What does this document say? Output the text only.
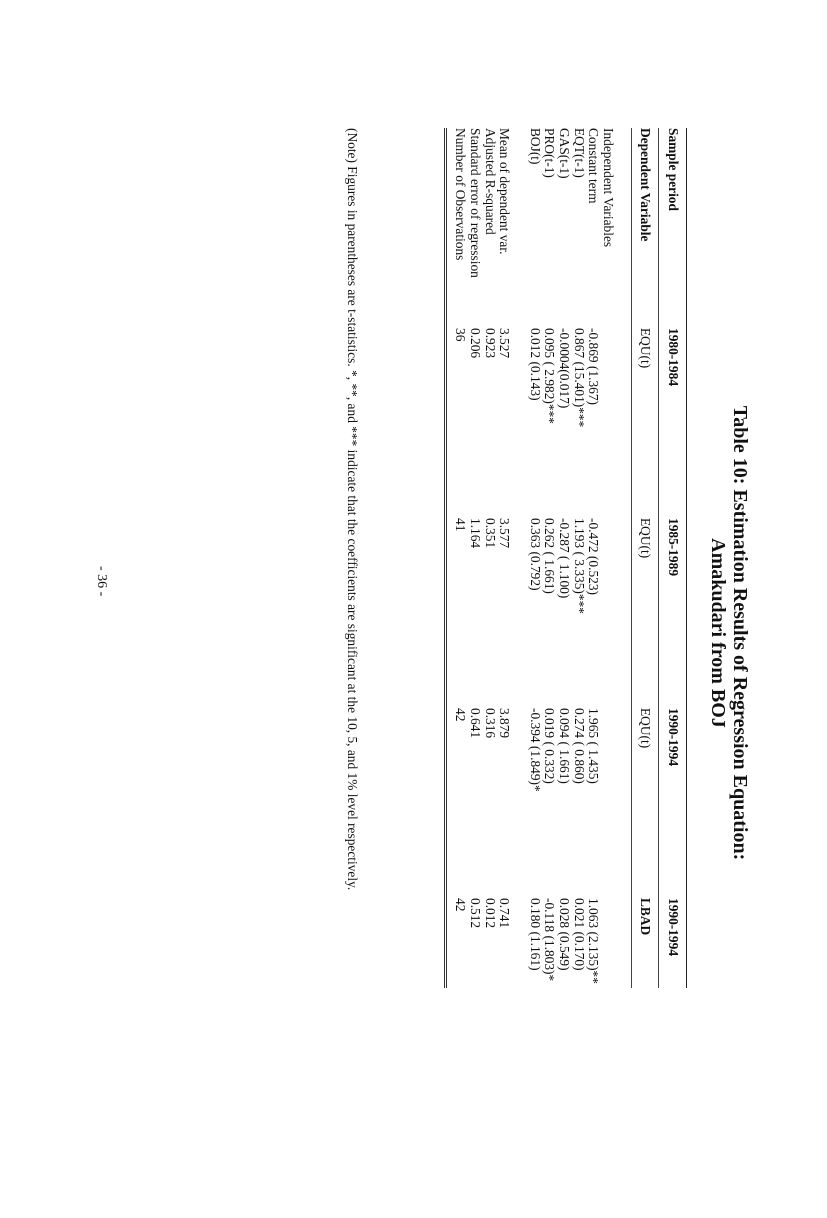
Table 10: Estimation Results of Regression Equation:
Amakudari from BOJ

Sample period	1980-1984	1985-1989	1990-1994	1990-1994

Dependent Variable	EQU(t)	EQU(t)	EQU(t)	LBAD

Independent Variables				
Constant term	-0.869 (1.367)	-0.472 (0.523)	1.965 ( 1.435)	1.063 (2.135)**
EQT(t-1)	0.867 (15.401)***	1.193 ( 3.335)***	0.274 ( 0.860)	0.021 (0.170)
GAS(t-1)	-0.0004(0.017)	-0.287 ( 1.100)	0.094 ( 1.661)	0.028 (0.549)
PRO(t-1)	0.095 ( 2.982)***	0.262 ( 1.661)	0.019 ( 0.332)	-0.118 (1.803)*
BOJ(t)	0.012 (0.143)	0.363 (0.792)	-0.394 (1.849)*	0.180 (1.161)

Mean of dependent var.	3.527	3.577	3.879	0.741
Adjusted R-squared	0.923	0.351	0.316	0.012
Standard error of regression	0.206	1.164	0.641	0.512
Number of Observations	36	41	42	42

(Note) Figures in parentheses are t-statistics. *, **, and *** indicate that the coefficients are significant at the 10, 5, and 1% level respectively.
- 36 -
